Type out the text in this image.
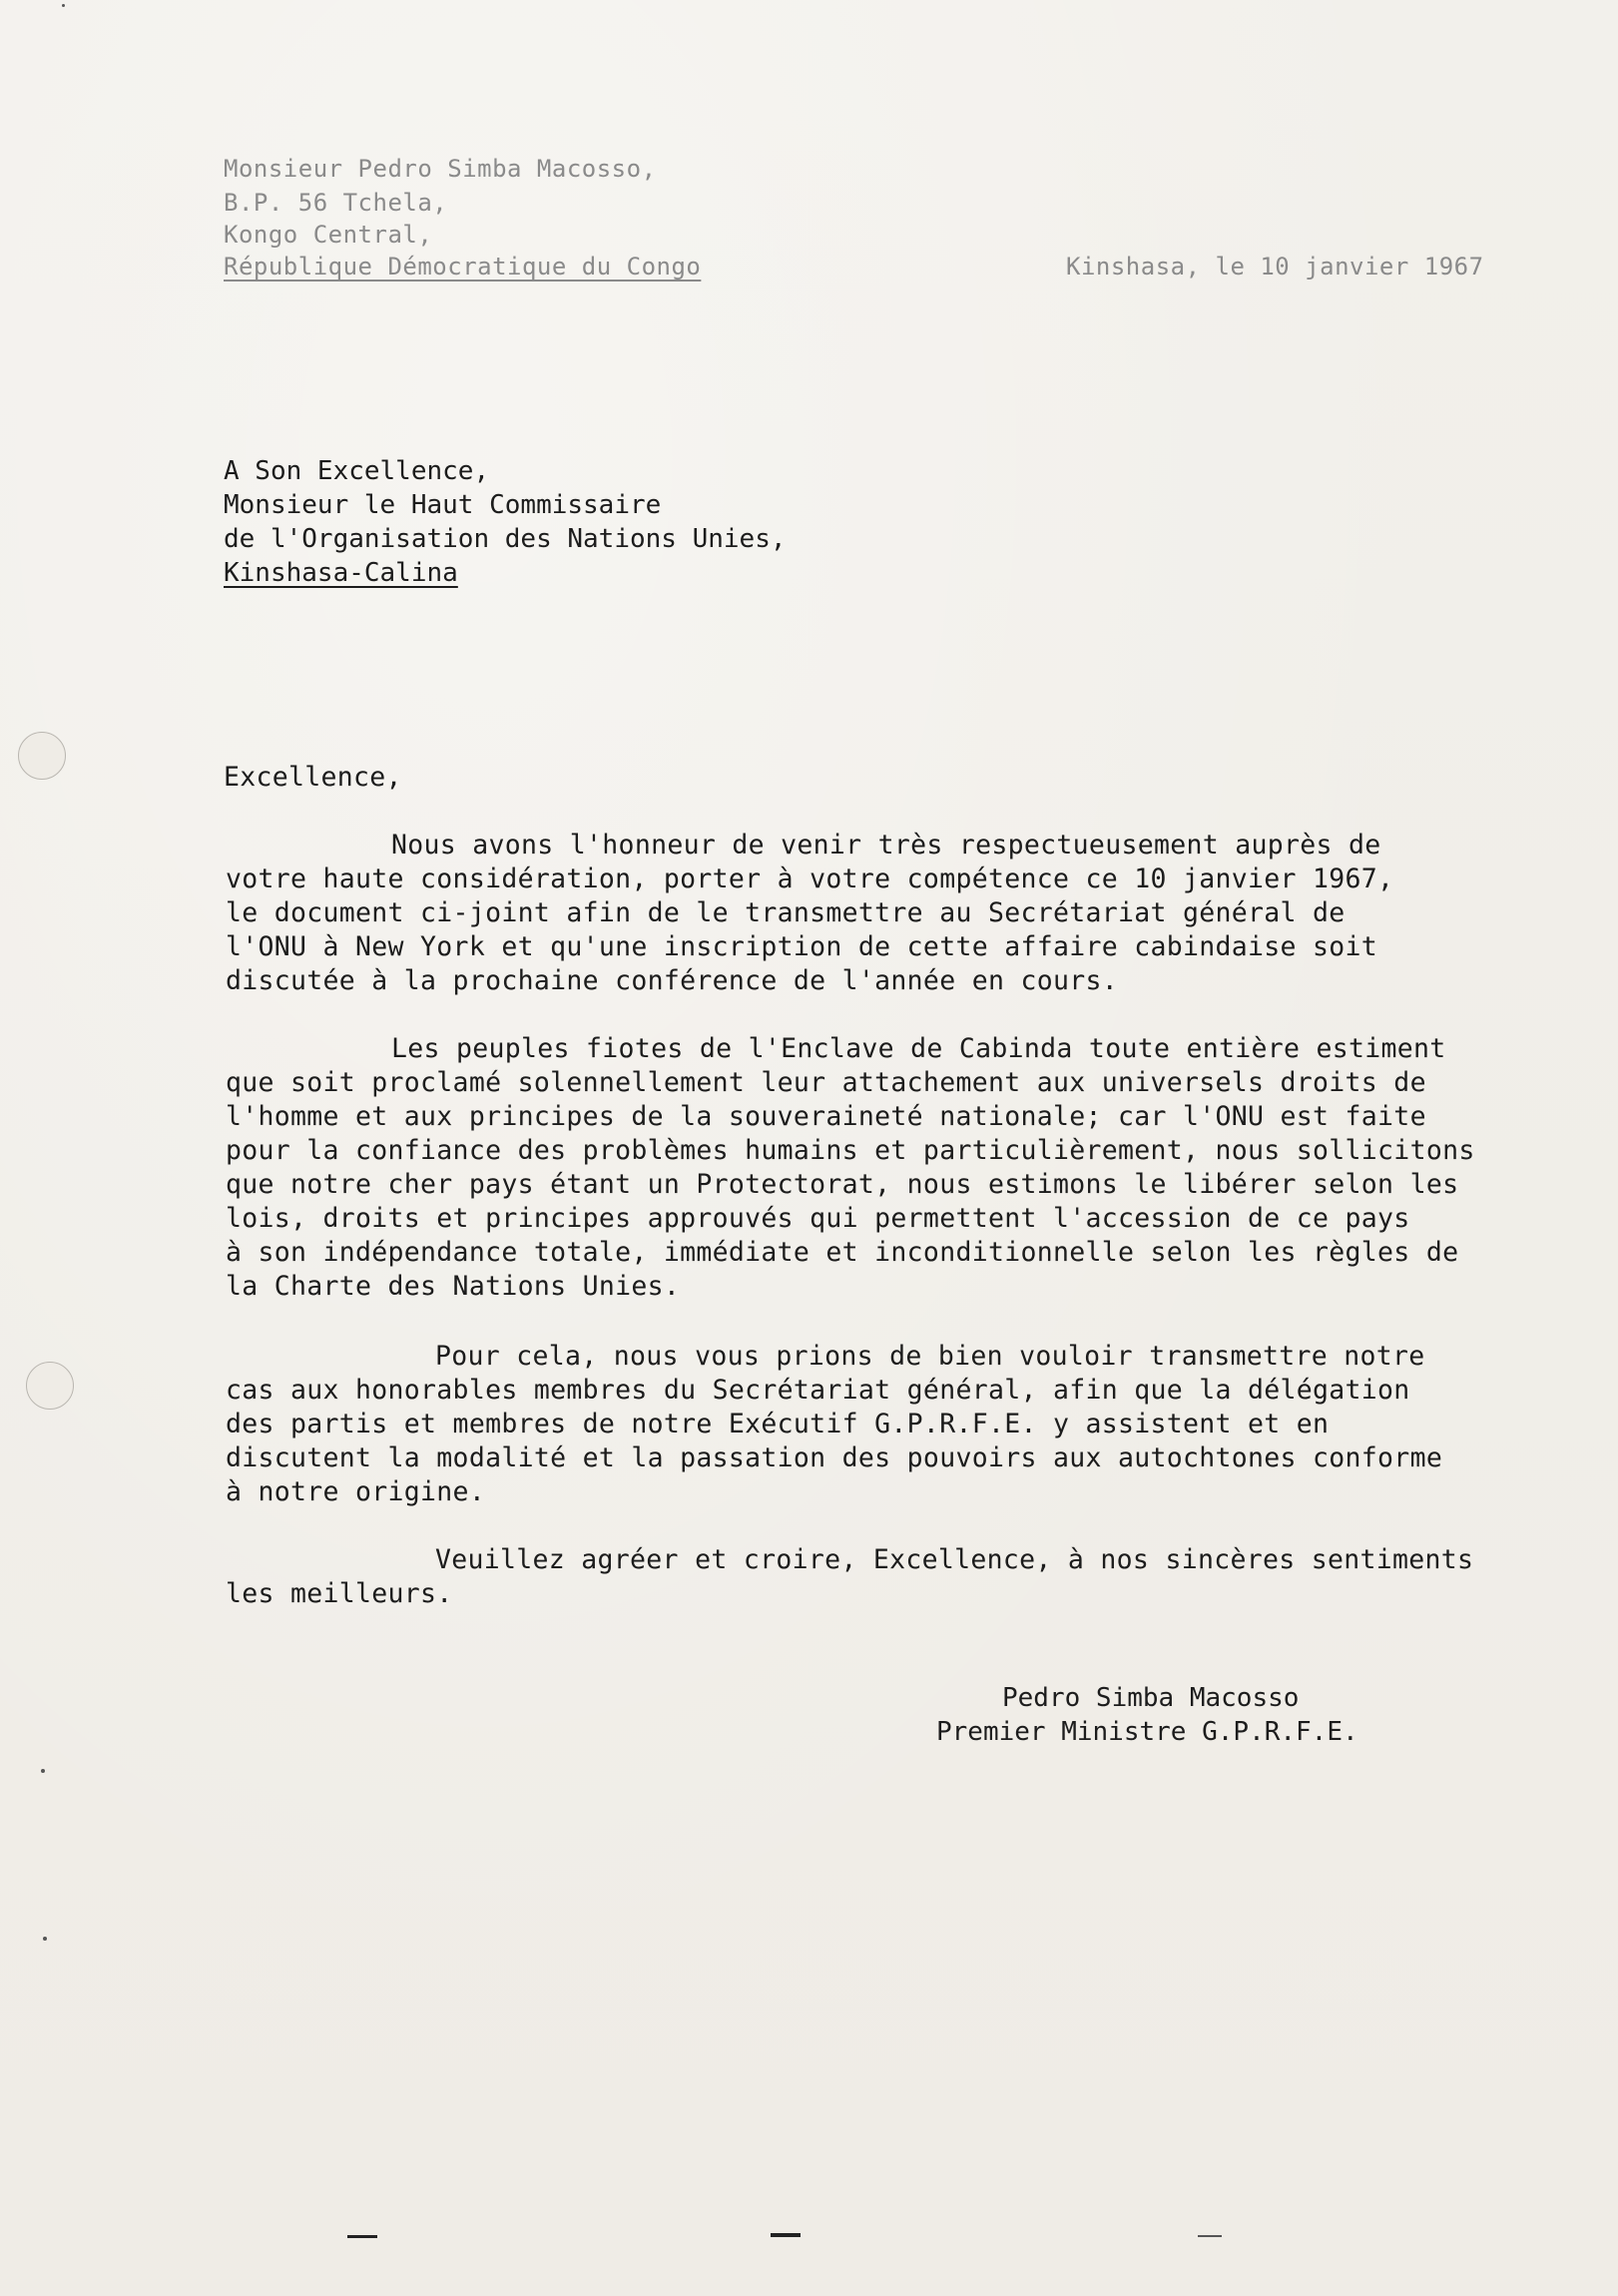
Monsieur Pedro Simba Macosso,
B.P. 56 Tchela,
Kongo Central,
République Démocratique du Congo	Kinshasa, le 10 janvier 1967
A Son Excellence,
Monsieur le Haut Commissaire
de l'Organisation des Nations Unies,
Kinshasa-Calina
Excellence,
Nous avons l'honneur de venir très respectueusement auprès de
votre haute considération, porter à votre compétence ce 10 janvier 1967,
le document ci-joint afin de le transmettre au Secrétariat général de
l'ONU à New York et qu'une inscription de cette affaire cabindaise soit
discutée à la prochaine conférence de l'année en cours.
Les peuples fiotes de l'Enclave de Cabinda toute entière estiment
que soit proclamé solennellement leur attachement aux universels droits de
l'homme et aux principes de la souveraineté nationale; car l'ONU est faite
pour la confiance des problèmes humains et particulièrement, nous sollicitons
que notre cher pays étant un Protectorat, nous estimons le libérer selon les
lois, droits et principes approuvés qui permettent l'accession de ce pays
à son indépendance totale, immédiate et inconditionnelle selon les règles de
la Charte des Nations Unies.
Pour cela, nous vous prions de bien vouloir transmettre notre
cas aux honorables membres du Secrétariat général, afin que la délégation
des partis et membres de notre Exécutif G.P.R.F.E. y assistent et en
discutent la modalité et la passation des pouvoirs aux autochtones conforme
à notre origine.
Veuillez agréer et croire, Excellence, à nos sincères sentiments
les meilleurs.
Pedro Simba Macosso
Premier Ministre G.P.R.F.E.
